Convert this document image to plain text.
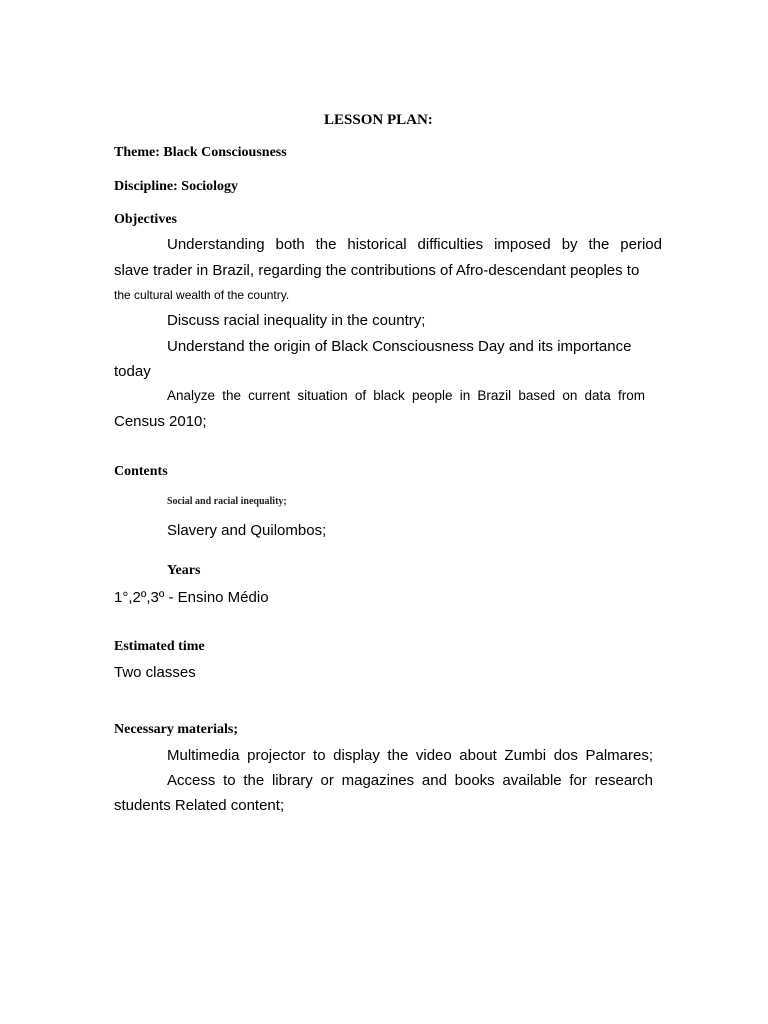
LESSON PLAN:
Theme: Black Consciousness
Discipline: Sociology
Objectives
Understanding both the historical difficulties imposed by the period
slave trader in Brazil, regarding the contributions of Afro-descendant peoples to
the cultural wealth of the country.
Discuss racial inequality in the country;
Understand the origin of Black Consciousness Day and its importance
today
Analyze the current situation of black people in Brazil based on data from
Census 2010;
Contents
Social and racial inequality;
Slavery and Quilombos;
Years
1°,2º,3º - Ensino Médio
Estimated time
Two classes
Necessary materials;
Multimedia projector to display the video about Zumbi dos Palmares;
Access to the library or magazines and books available for research
students Related content;
